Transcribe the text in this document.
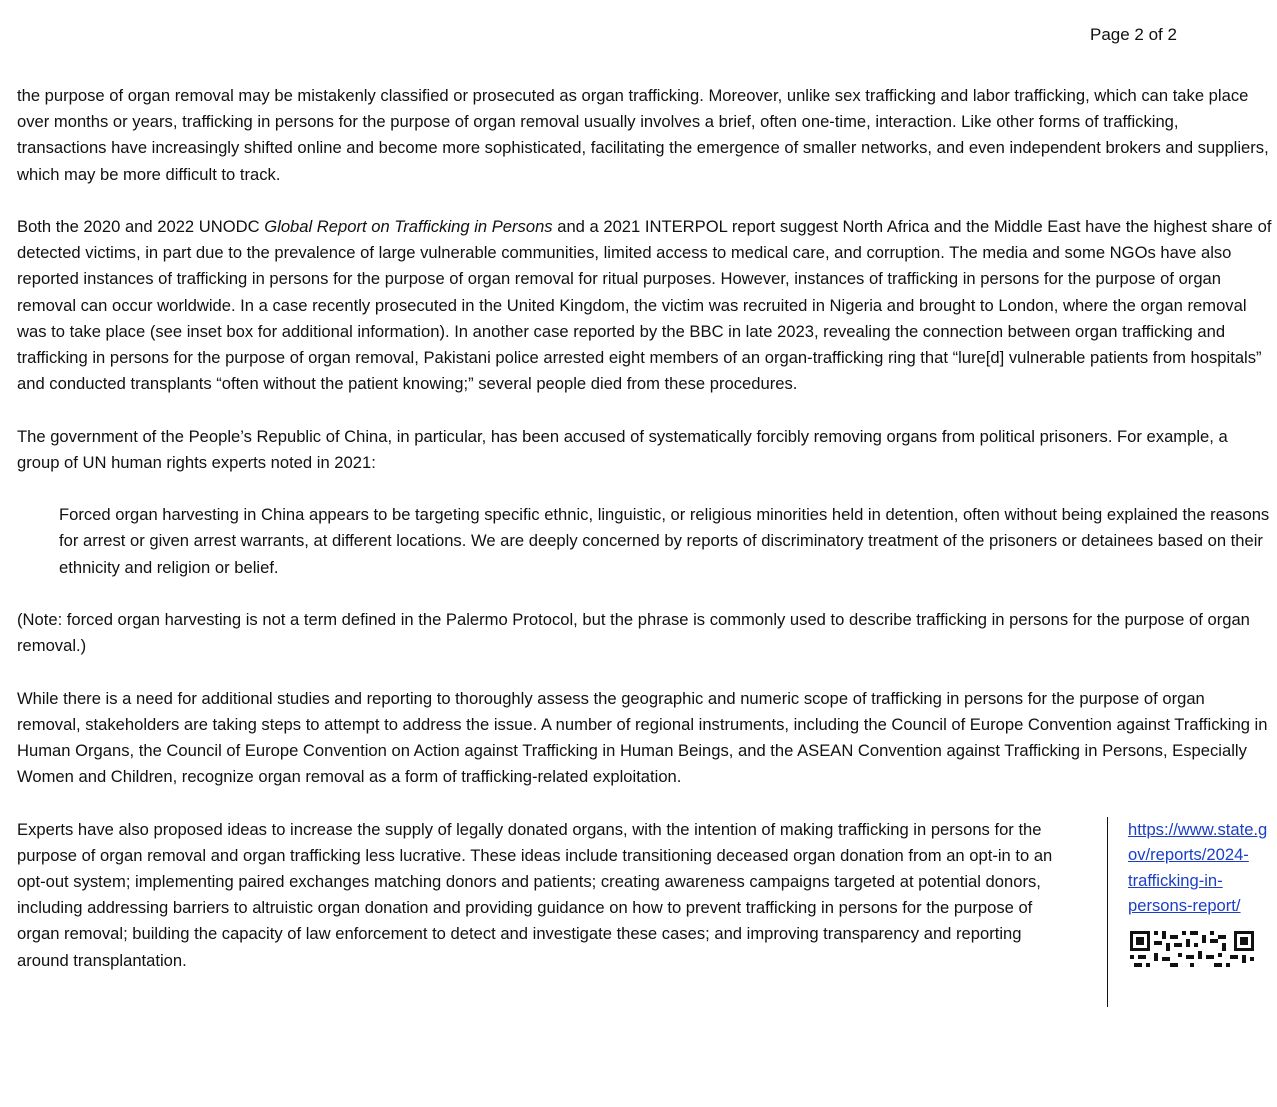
Page 2 of 2

the purpose of organ removal may be mistakenly classified or prosecuted as organ trafficking. Moreover, unlike sex trafficking and labor trafficking, which can take place over months or years, trafficking in persons for the purpose of organ removal usually involves a brief, often one-time, interaction. Like other forms of trafficking, transactions have increasingly shifted online and become more sophisticated, facilitating the emergence of smaller networks, and even independent brokers and suppliers, which may be more difficult to track.

Both the 2020 and 2022 UNODC Global Report on Trafficking in Persons and a 2021 INTERPOL report suggest North Africa and the Middle East have the highest share of detected victims, in part due to the prevalence of large vulnerable communities, limited access to medical care, and corruption. The media and some NGOs have also reported instances of trafficking in persons for the purpose of organ removal for ritual purposes. However, instances of trafficking in persons for the purpose of organ removal can occur worldwide. In a case recently prosecuted in the United Kingdom, the victim was recruited in Nigeria and brought to London, where the organ removal was to take place (see inset box for additional information). In another case reported by the BBC in late 2023, revealing the connection between organ trafficking and trafficking in persons for the purpose of organ removal, Pakistani police arrested eight members of an organ-trafficking ring that “lure[d] vulnerable patients from hospitals” and conducted transplants “often without the patient knowing;” several people died from these procedures.

The government of the People’s Republic of China, in particular, has been accused of systematically forcibly removing organs from political prisoners. For example, a group of UN human rights experts noted in 2021:

Forced organ harvesting in China appears to be targeting specific ethnic, linguistic, or religious minorities held in detention, often without being explained the reasons for arrest or given arrest warrants, at different locations. We are deeply concerned by reports of discriminatory treatment of the prisoners or detainees based on their ethnicity and religion or belief.

(Note: forced organ harvesting is not a term defined in the Palermo Protocol, but the phrase is commonly used to describe trafficking in persons for the purpose of organ removal.)

While there is a need for additional studies and reporting to thoroughly assess the geographic and numeric scope of trafficking in persons for the purpose of organ removal, stakeholders are taking steps to attempt to address the issue. A number of regional instruments, including the Council of Europe Convention against Trafficking in Human Organs, the Council of Europe Convention on Action against Trafficking in Human Beings, and the ASEAN Convention against Trafficking in Persons, Especially Women and Children, recognize organ removal as a form of trafficking-related exploitation.

Experts have also proposed ideas to increase the supply of legally donated organs, with the intention of making trafficking in persons for the purpose of organ removal and organ trafficking less lucrative. These ideas include transitioning deceased organ donation from an opt-in to an opt-out system; implementing paired exchanges matching donors and patients; creating awareness campaigns targeted at potential donors, including addressing barriers to altruistic organ donation and providing guidance on how to prevent trafficking in persons for the purpose of organ removal; building the capacity of law enforcement to detect and investigate these cases; and improving transparency and reporting around transplantation.

https://www.state.gov/reports/2024-trafficking-in-persons-report/
